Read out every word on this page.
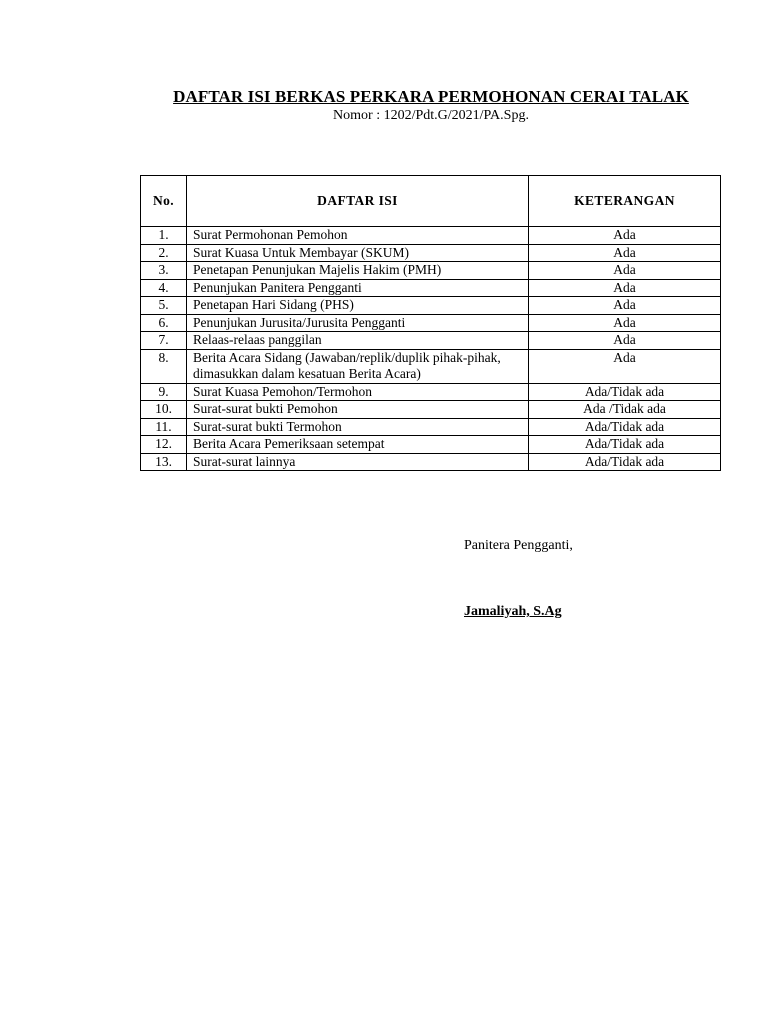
DAFTAR ISI BERKAS PERKARA PERMOHONAN CERAI TALAK
Nomor : 1202/Pdt.G/2021/PA.Spg.
No.	DAFTAR ISI	KETERANGAN
1.	Surat Permohonan Pemohon	Ada
2.	Surat Kuasa Untuk Membayar (SKUM)	Ada
3.	Penetapan Penunjukan Majelis Hakim (PMH)	Ada
4.	Penunjukan Panitera Pengganti	Ada
5.	Penetapan Hari Sidang (PHS)	Ada
6.	Penunjukan Jurusita/Jurusita Pengganti	Ada
7.	Relaas-relaas panggilan	Ada
8.	Berita Acara Sidang (Jawaban/replik/duplik pihak-pihak, dimasukkan dalam kesatuan Berita Acara)	Ada
9.	Surat Kuasa Pemohon/Termohon	Ada/Tidak ada
10.	Surat-surat bukti Pemohon	Ada /Tidak ada
11.	Surat-surat bukti Termohon	Ada/Tidak ada
12.	Berita Acara Pemeriksaan setempat	Ada/Tidak ada
13.	Surat-surat lainnya	Ada/Tidak ada
Panitera Pengganti,
Jamaliyah, S.Ag
